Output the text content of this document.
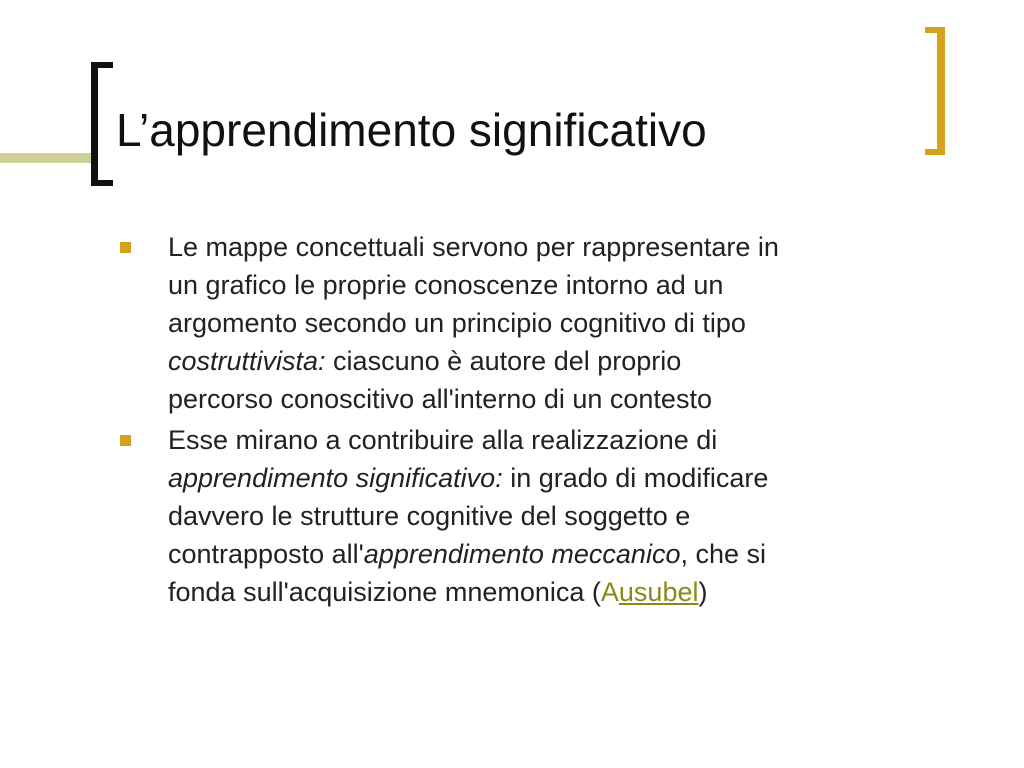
L’apprendimento significativo
Le mappe concettuali servono per rappresentare in
un grafico le proprie conoscenze intorno ad un
argomento secondo un principio cognitivo di tipo
costruttivista: ciascuno è autore del proprio
percorso conoscitivo all'interno di un contesto
Esse mirano a contribuire alla realizzazione di
apprendimento significativo: in grado di modificare
davvero le strutture cognitive del soggetto e
contrapposto all'apprendimento meccanico, che si
fonda sull'acquisizione mnemonica (Ausubel)
